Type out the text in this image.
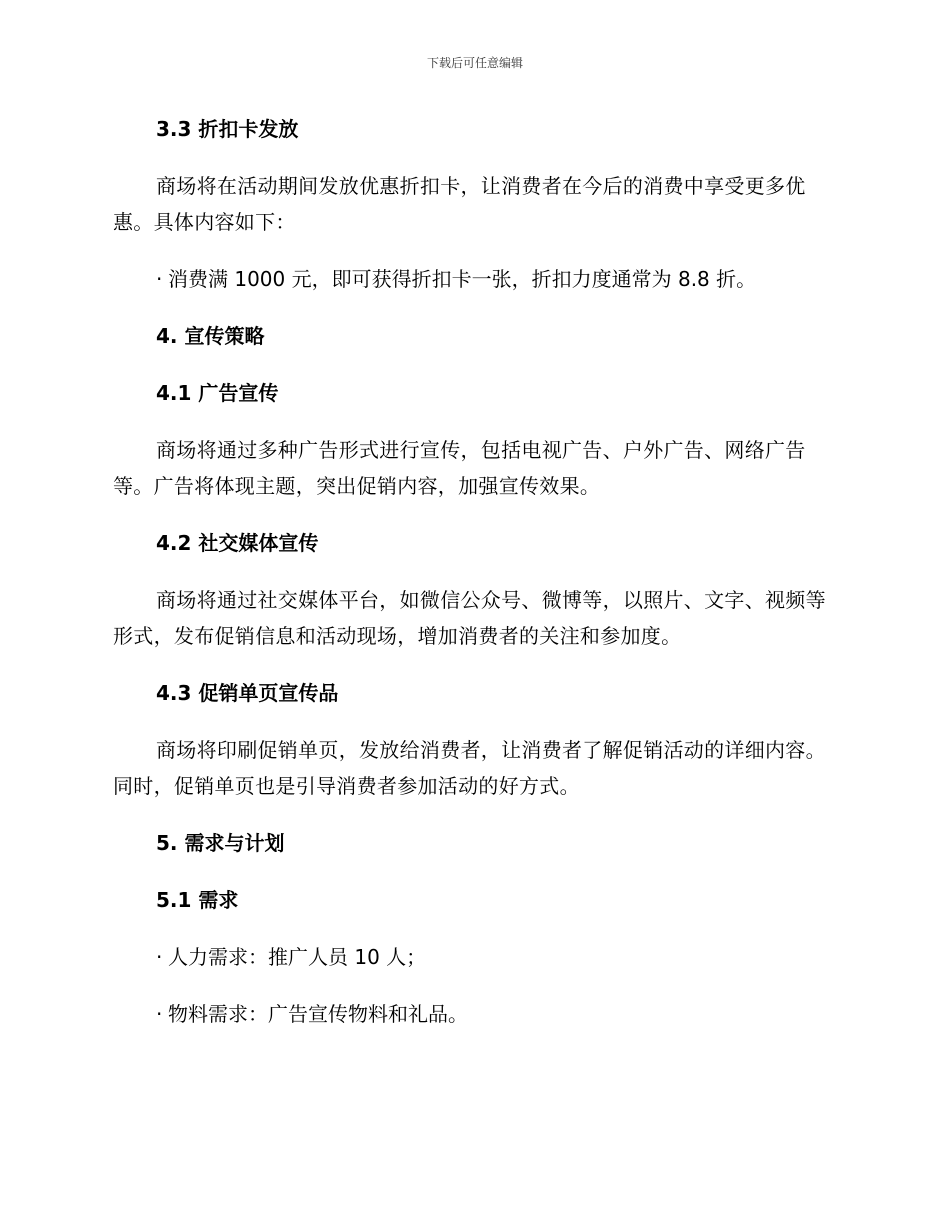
下载后可任意编辑
3.3 折扣卡发放
商场将在活动期间发放优惠折扣卡，让消费者在今后的消费中享受更多优惠。具体内容如下：
· 消费满 1000 元，即可获得折扣卡一张，折扣力度通常为 8.8 折。
4. 宣传策略
4.1 广告宣传
商场将通过多种广告形式进行宣传，包括电视广告、户外广告、网络广告等。广告将体现主题，突出促销内容，加强宣传效果。
4.2 社交媒体宣传
商场将通过社交媒体平台，如微信公众号、微博等，以照片、文字、视频等形式，发布促销信息和活动现场，增加消费者的关注和参加度。
4.3 促销单页宣传品
商场将印刷促销单页，发放给消费者，让消费者了解促销活动的详细内容。同时，促销单页也是引导消费者参加活动的好方式。
5. 需求与计划
5.1 需求
· 人力需求：推广人员 10 人；
· 物料需求：广告宣传物料和礼品。
